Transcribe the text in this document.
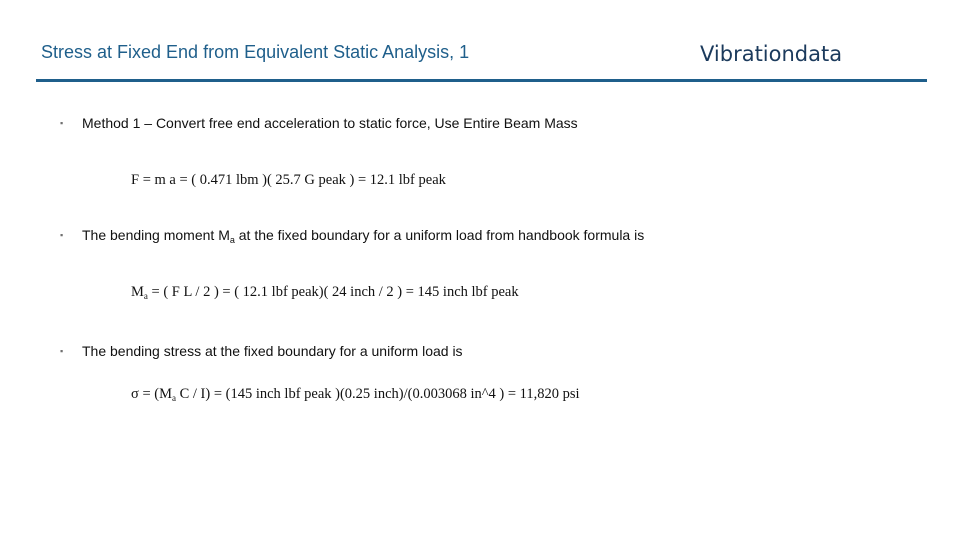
Stress at Fixed End from Equivalent Static Analysis, 1	Vibrationdata
▪ Method 1 – Convert free end acceleration to static force, Use Entire Beam Mass
F = m a = ( 0.471 lbm )( 25.7 G peak ) = 12.1 lbf peak
▪ The bending moment $M_a$ at the fixed boundary for a uniform load from handbook formula is
$M_a$ = ( F L / 2 ) = ( 12.1 lbf peak)( 24 inch / 2 ) = 145 inch lbf peak
▪ The bending stress at the fixed boundary for a uniform load is
$\sigma = (M_a$ C / I) = (145 inch lbf peak )(0.25 inch)/(0.003068 in^4 ) = 11,820 psi
